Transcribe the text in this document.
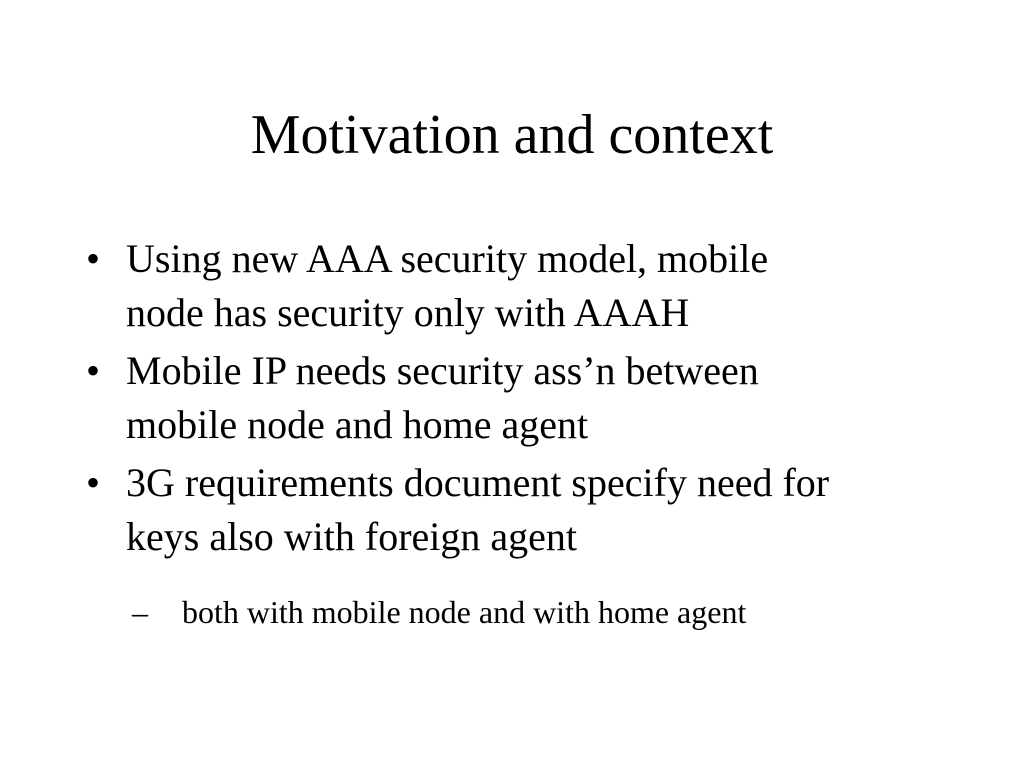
Motivation and context
• Using new AAA security model, mobile
node has security only with AAAH
• Mobile IP needs security ass’n between
mobile node and home agent
• 3G requirements document specify need for
keys also with foreign agent
–	both with mobile node and with home agent
